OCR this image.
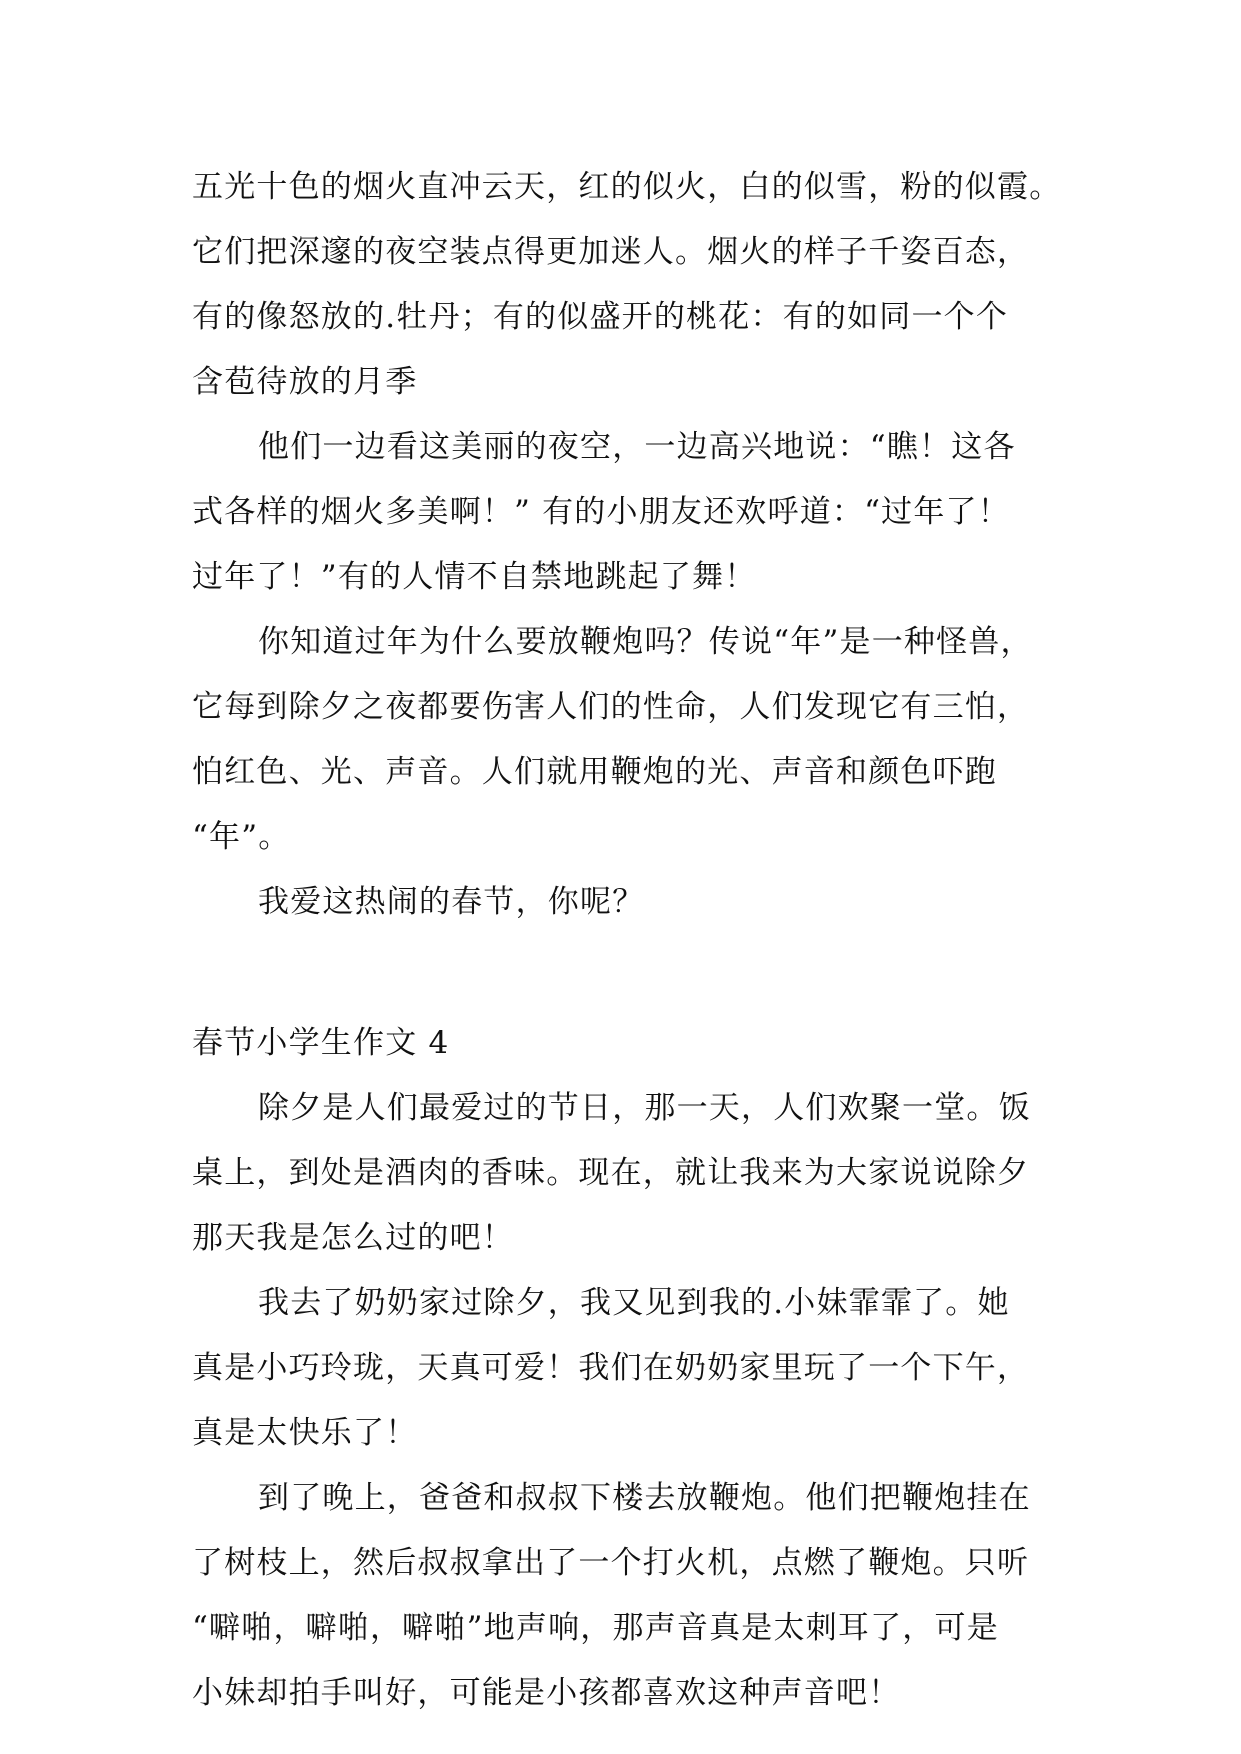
五光十色的烟火直冲云天，红的似火，白的似雪，粉的似霞。
它们把深邃的夜空装点得更加迷人。烟火的样子千姿百态，
有的像怒放的.牡丹；有的似盛开的桃花：有的如同一个个
含苞待放的月季
他们一边看这美丽的夜空，一边高兴地说：“瞧！这各
式各样的烟火多美啊！” 有的小朋友还欢呼道：“过年了！
过年了！”有的人情不自禁地跳起了舞！
你知道过年为什么要放鞭炮吗？传说“年”是一种怪兽，
它每到除夕之夜都要伤害人们的性命，人们发现它有三怕，
怕红色、光、声音。人们就用鞭炮的光、声音和颜色吓跑
“年”。
我爱这热闹的春节，你呢？
春节小学生作文 4
除夕是人们最爱过的节日，那一天，人们欢聚一堂。饭
桌上，到处是酒肉的香味。现在，就让我来为大家说说除夕
那天我是怎么过的吧！
我去了奶奶家过除夕，我又见到我的.小妹霏霏了。她
真是小巧玲珑，天真可爱！我们在奶奶家里玩了一个下午，
真是太快乐了！
到了晚上，爸爸和叔叔下楼去放鞭炮。他们把鞭炮挂在
了树枝上，然后叔叔拿出了一个打火机，点燃了鞭炮。只听
“噼啪，噼啪，噼啪”地声响，那声音真是太刺耳了，可是
小妹却拍手叫好，可能是小孩都喜欢这种声音吧！
